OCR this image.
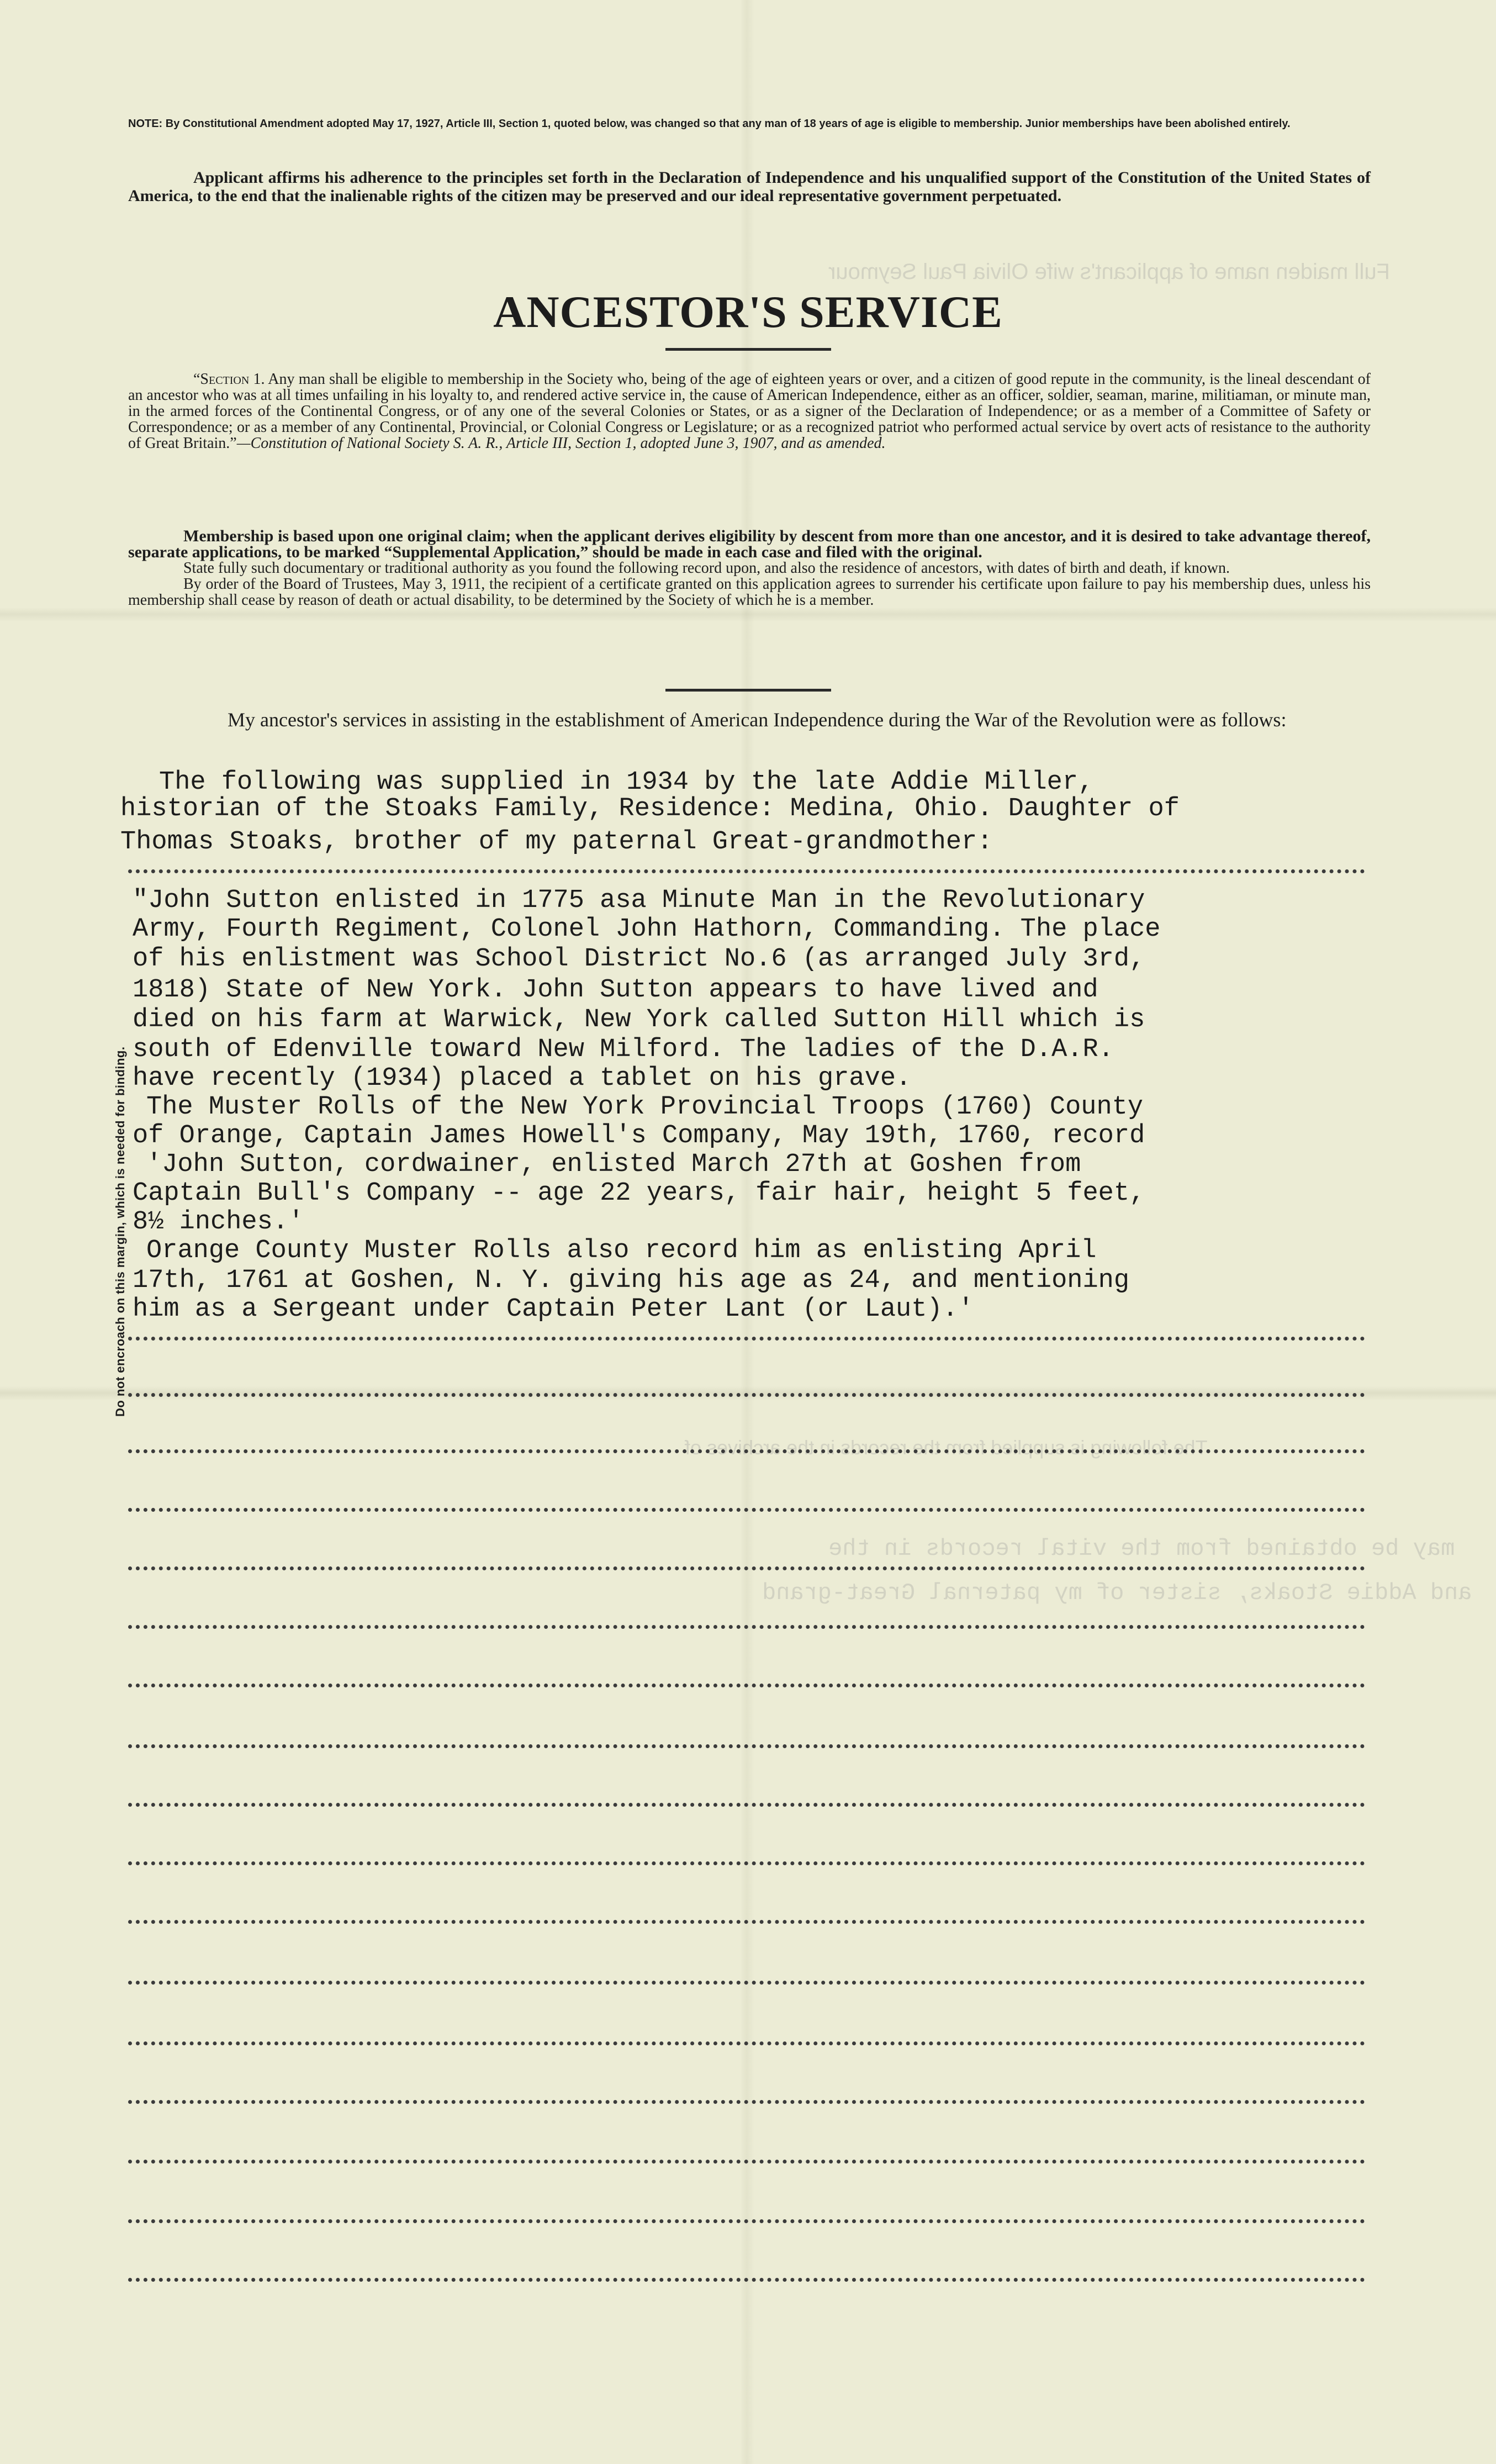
Full maiden name of applicant's wife Olivia Paul Seymour
The following is supplied from the records in the archives of
may be obtained from the vital records in the
and Addie Stoaks, sister of my paternal Great-grand
NOTE: By Constitutional Amendment adopted May 17, 1927, Article III, Section 1, quoted below, was changed so that any man of 18 years of age is eligible to membership. Junior memberships have been abolished entirely.
Applicant affirms his adherence to the principles set forth in the Declaration of Independence and his unqualified support of the Constitution of the United States of America, to the end that the inalienable rights of the citizen may be preserved and our ideal representative government perpetuated.
ANCESTOR'S SERVICE
“Section 1. Any man shall be eligible to membership in the Society who, being of the age of eighteen years or over, and a citizen of good repute in the community, is the lineal descendant of an ancestor who was at all times unfailing in his loyalty to, and rendered active service in, the cause of American Independence, either as an officer, soldier, seaman, marine, militiaman, or minute man, in the armed forces of the Continental Congress, or of any one of the several Colonies or States, or as a signer of the Declaration of Independence; or as a member of a Committee of Safety or Correspondence; or as a member of any Continental, Provincial, or Colonial Congress or Legislature; or as a recognized patriot who performed actual service by overt acts of resistance to the authority of Great Britain.”—Constitution of National Society S. A. R., Article III, Section 1, adopted June 3, 1907, and as amended.

Membership is based upon one original claim; when the applicant derives eligibility by descent from more than one ancestor, and it is desired to take advantage thereof, separate applications, to be marked “Supplemental Application,” should be made in each case and filed with the original.

State fully such documentary or traditional authority as you found the following record upon, and also the residence of ancestors, with dates of birth and death, if known.

By order of the Board of Trustees, May 3, 1911, the recipient of a certificate granted on this application agrees to surrender his certificate upon failure to pay his membership dues, unless his membership shall cease by reason of death or actual disability, to be determined by the Society of which he is a member.

My ancestor's services in assisting in the establishment of American Independence during the War of the Revolution were as follows:
The following was supplied in 1934 by the late Addie Miller,
historian of the Stoaks Family, Residence: Medina, Ohio. Daughter of
Thomas Stoaks, brother of my paternal Great-grandmother:
"John Sutton enlisted in 1775 asa Minute Man in the Revolutionary
Army, Fourth Regiment, Colonel John Hathorn, Commanding. The place
of his enlistment was School District No.6 (as arranged July 3rd,
1818) State of New York. John Sutton appears to have lived and
died on his farm at Warwick, New York called Sutton Hill which is
south of Edenville toward New Milford. The ladies of the D.A.R.
have recently (1934) placed a tablet on his grave.
The Muster Rolls of the New York Provincial Troops (1760) County
of Orange, Captain James Howell's Company, May 19th, 1760, record
'John Sutton, cordwainer, enlisted March 27th at Goshen from
Captain Bull's Company -- age 22 years, fair hair, height 5 feet,
8½ inches.'
Orange County Muster Rolls also record him as enlisting April
17th, 1761 at Goshen, N. Y. giving his age as 24, and mentioning
him as a Sergeant under Captain Peter Lant (or Laut).'
Do not encroach on this margin, which is needed for binding.
